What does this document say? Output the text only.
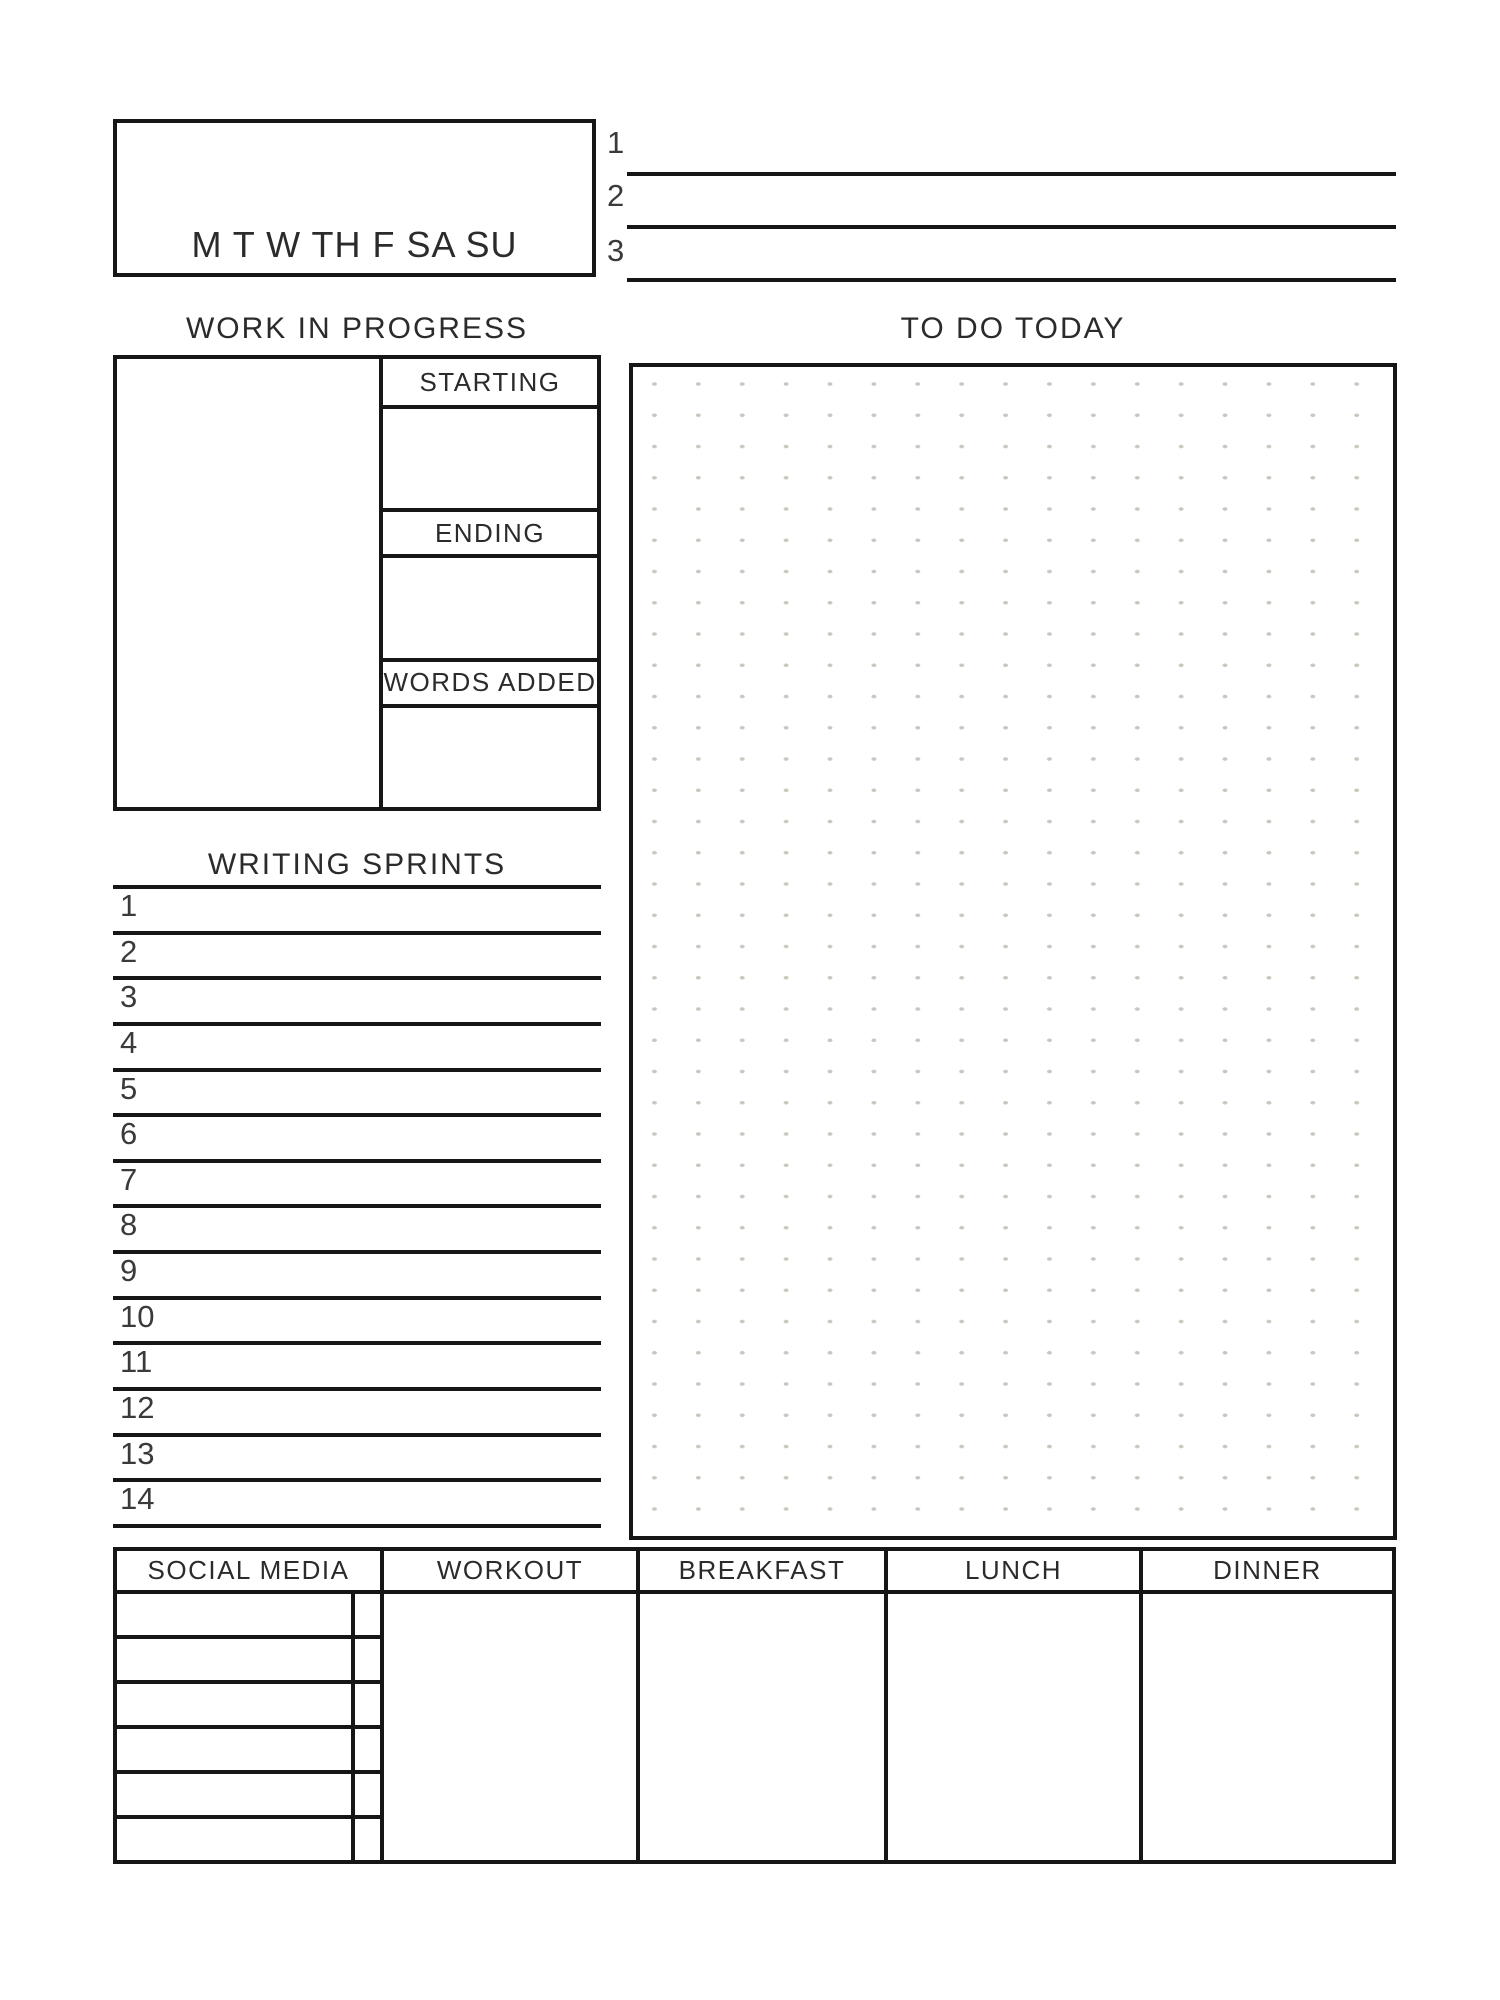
M T W TH F SA SU
1
2
3
WORK IN PROGRESS	TO DO TODAY
WRITING SPRINTS
STARTING
ENDING
WORDS ADDED
1
2
3
4
5
6
7
8
9
10
11
12
13
14
SOCIAL MEDIA	WORKOUT	BREAKFAST	LUNCH	DINNER
